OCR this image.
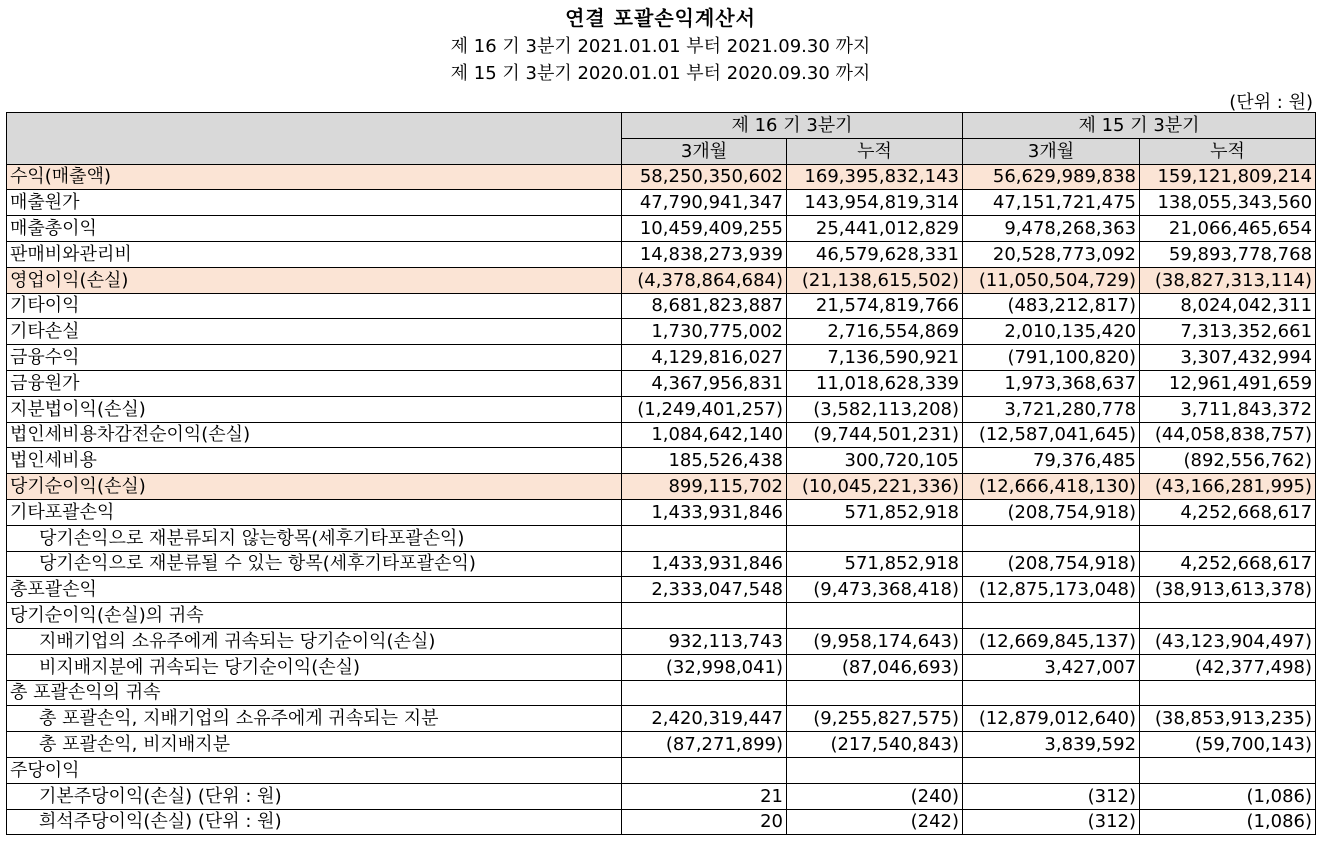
연결 포괄손익계산서
제 16 기 3분기 2021.01.01 부터 2021.09.30 까지
제 15 기 3분기 2020.01.01 부터 2020.09.30 까지
(단위 : 원)
	제 16 기 3분기		제 15 기 3분기	
	3개월	누적	3개월	누적
수익(매출액)	58,250,350,602	169,395,832,143	56,629,989,838	159,121,809,214
매출원가	47,790,941,347	143,954,819,314	47,151,721,475	138,055,343,560
매출총이익	10,459,409,255	25,441,012,829	9,478,268,363	21,066,465,654
판매비와관리비	14,838,273,939	46,579,628,331	20,528,773,092	59,893,778,768
영업이익(손실)	(4,378,864,684)	(21,138,615,502)	(11,050,504,729)	(38,827,313,114)
기타이익	8,681,823,887	21,574,819,766	(483,212,817)	8,024,042,311
기타손실	1,730,775,002	2,716,554,869	2,010,135,420	7,313,352,661
금융수익	4,129,816,027	7,136,590,921	(791,100,820)	3,307,432,994
금융원가	4,367,956,831	11,018,628,339	1,973,368,637	12,961,491,659
지분법이익(손실)	(1,249,401,257)	(3,582,113,208)	3,721,280,778	3,711,843,372
법인세비용차감전순이익(손실)	1,084,642,140	(9,744,501,231)	(12,587,041,645)	(44,058,838,757)
법인세비용	185,526,438	300,720,105	79,376,485	(892,556,762)
당기순이익(손실)	899,115,702	(10,045,221,336)	(12,666,418,130)	(43,166,281,995)
기타포괄손익	1,433,931,846	571,852,918	(208,754,918)	4,252,668,617
당기손익으로 재분류되지 않는항목(세후기타포괄손익)				
당기손익으로 재분류될 수 있는 항목(세후기타포괄손익)	1,433,931,846	571,852,918	(208,754,918)	4,252,668,617
총포괄손익	2,333,047,548	(9,473,368,418)	(12,875,173,048)	(38,913,613,378)
당기순이익(손실)의 귀속				
지배기업의 소유주에게 귀속되는 당기순이익(손실)	932,113,743	(9,958,174,643)	(12,669,845,137)	(43,123,904,497)
비지배지분에 귀속되는 당기순이익(손실)	(32,998,041)	(87,046,693)	3,427,007	(42,377,498)
총 포괄손익의 귀속				
총 포괄손익, 지배기업의 소유주에게 귀속되는 지분	2,420,319,447	(9,255,827,575)	(12,879,012,640)	(38,853,913,235)
총 포괄손익, 비지배지분	(87,271,899)	(217,540,843)	3,839,592	(59,700,143)
주당이익				
기본주당이익(손실) (단위 : 원)	21	(240)	(312)	(1,086)
희석주당이익(손실) (단위 : 원)	20	(242)	(312)	(1,086)
